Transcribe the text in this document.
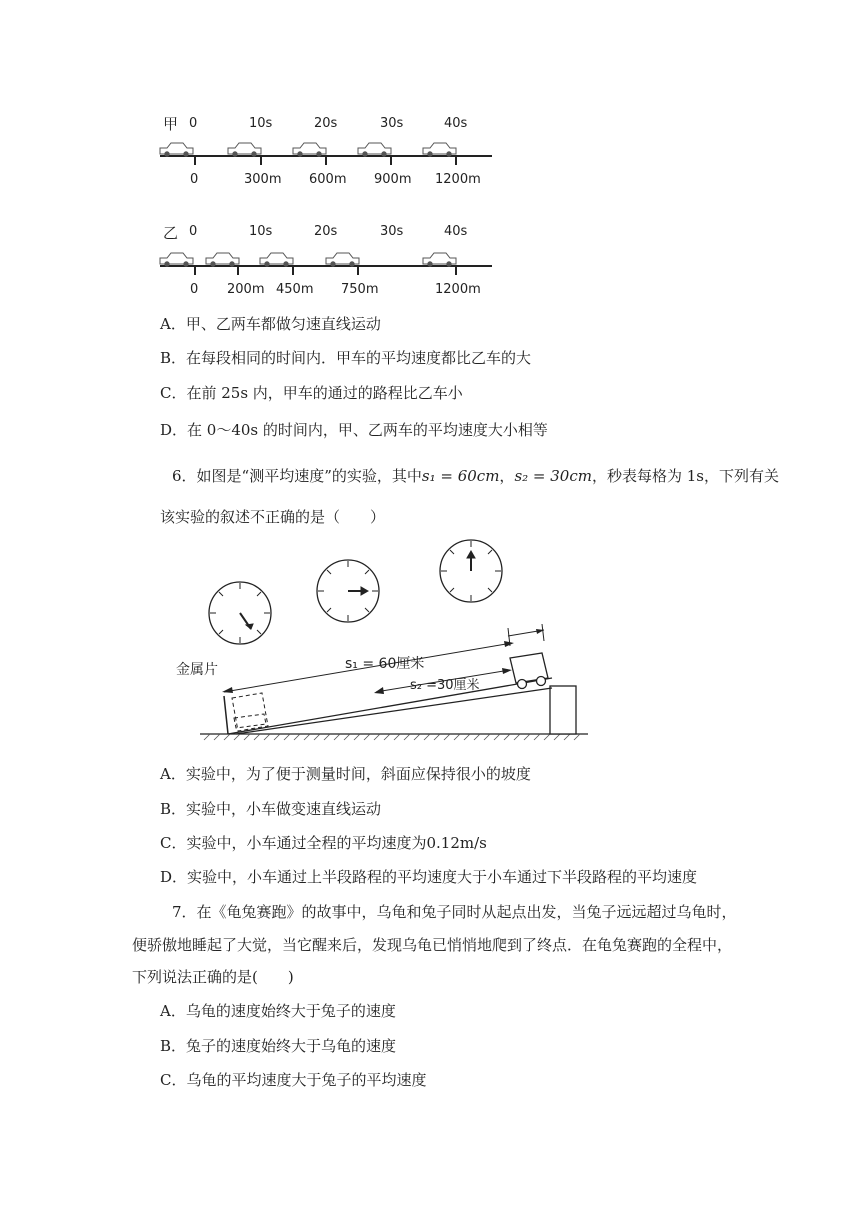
甲 0	10s	20s	30s	40s
0	300m 600m 900m 1200m
乙 0	10s	20s	30s	40s
0 200m 450m 750m	1200m
A．甲、乙两车都做匀速直线运动
B．在每段相同的时间内．甲车的平均速度都比乙车的大
C．在前 25s 内，甲车的通过的路程比乙车小
D．在 0～40s 的时间内，甲、乙两车的平均速度大小相等
6．如图是“测平均速度”的实验，其中s₁ = 60cm，s₂ = 30cm，秒表每格为 1s，下列有关
该实验的叙述不正确的是（　　）
金属片	s₁ = 60厘米
s₂ =30厘米
A．实验中，为了便于测量时间，斜面应保持很小的坡度
B．实验中，小车做变速直线运动
C．实验中，小车通过全程的平均速度为0.12m/s
D．实验中，小车通过上半段路程的平均速度大于小车通过下半段路程的平均速度
7．在《龟兔赛跑》的故事中，乌龟和兔子同时从起点出发，当兔子远远超过乌龟时，
便骄傲地睡起了大觉，当它醒来后，发现乌龟已悄悄地爬到了终点．在龟兔赛跑的全程中，
下列说法正确的是(　　)
A．乌龟的速度始终大于兔子的速度
B．兔子的速度始终大于乌龟的速度
C．乌龟的平均速度大于兔子的平均速度
